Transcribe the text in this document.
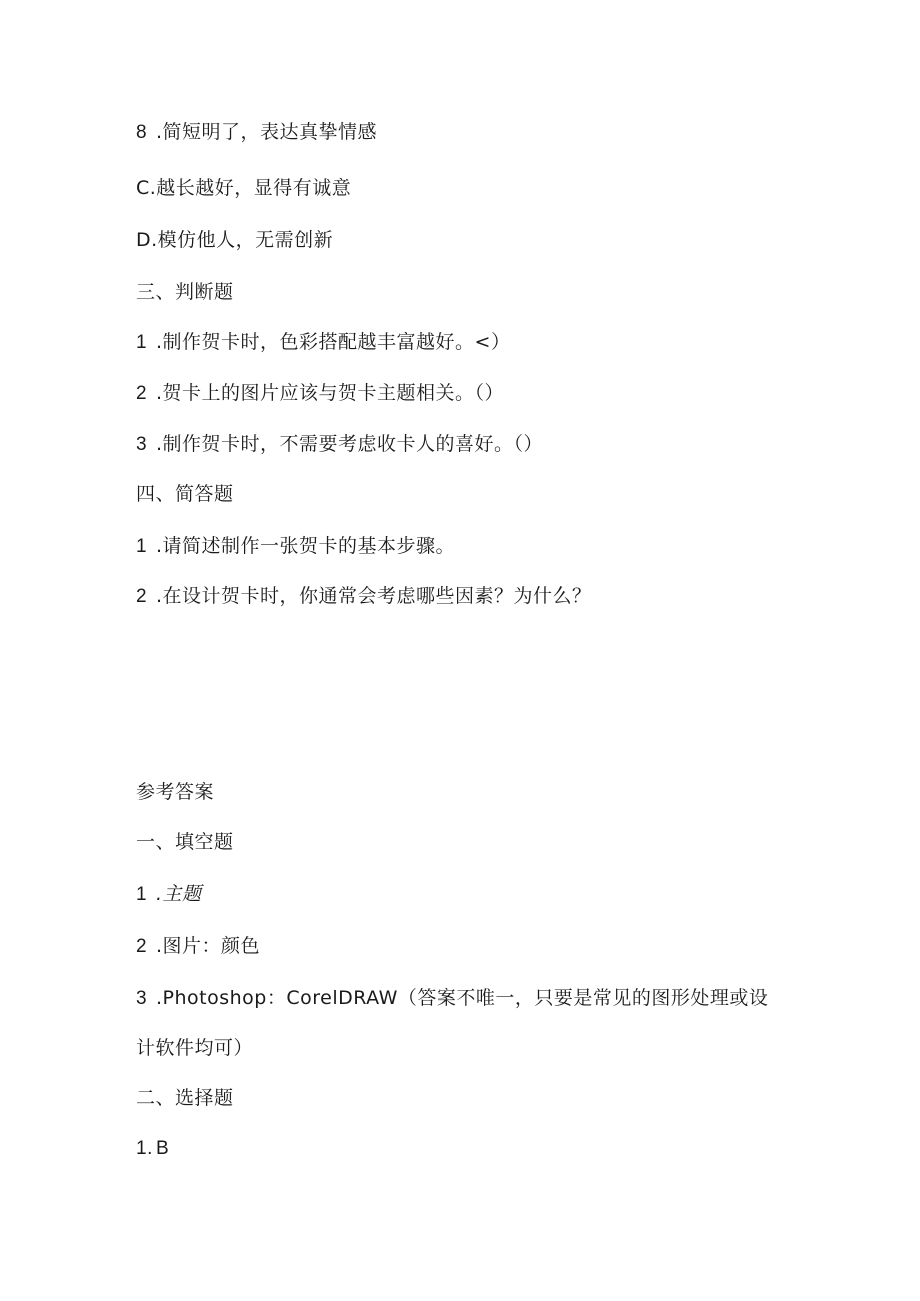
8 .简短明了，表达真挚情感
C.越长越好，显得有诚意
D.模仿他人，无需创新
三、判断题
1 .制作贺卡时，色彩搭配越丰富越好。<）
2 .贺卡上的图片应该与贺卡主题相关。（）
3 .制作贺卡时，不需要考虑收卡人的喜好。（）
四、简答题
1 .请简述制作一张贺卡的基本步骤。
2 .在设计贺卡时，你通常会考虑哪些因素？为什么？
参考答案
一、填空题
1 .主题
2 .图片：颜色
3 .Photoshop：CorelDRAW（答案不唯一，只要是常见的图形处理或设
计软件均可）
二、选择题
1. B
